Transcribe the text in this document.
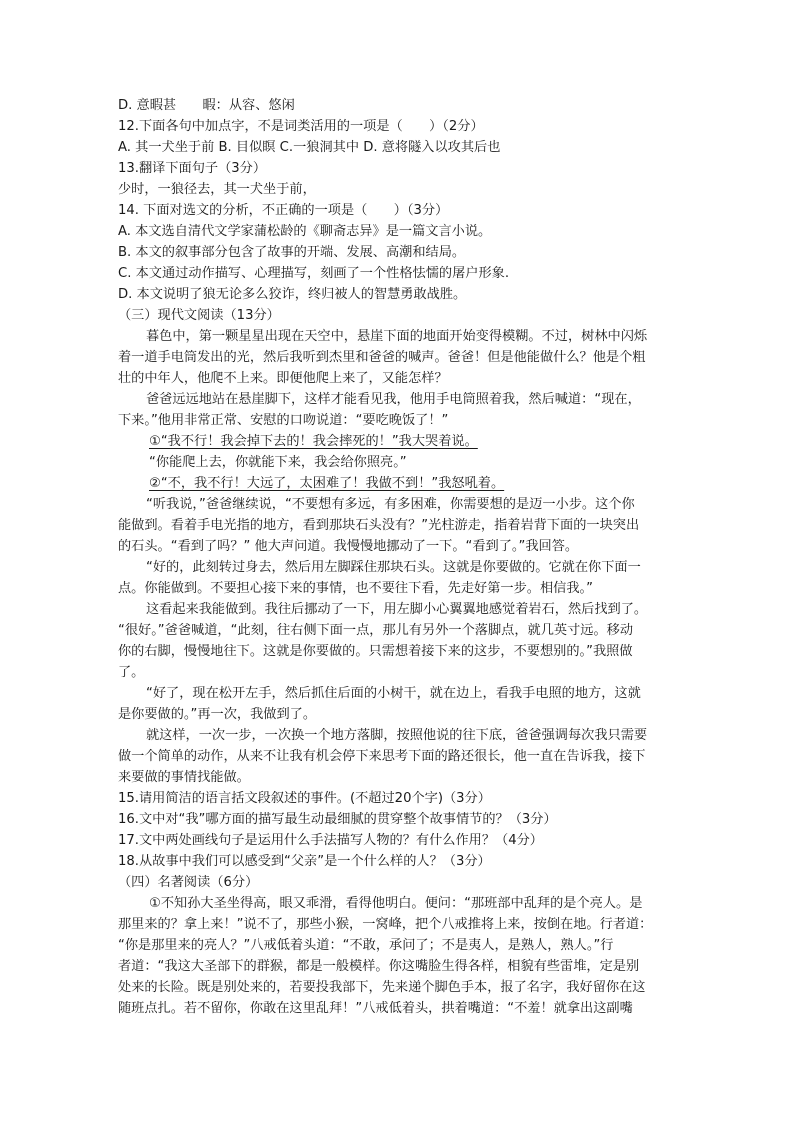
D. 意暇甚　　暇：从容、悠闲
12.下面各句中加点字，不是词类活用的一项是（　　）（2分）
A. 其一犬坐于前 B. 目似瞑 C.一狼洞其中 D. 意将隧入以攻其后也
13.翻译下面句子（3分）
少时，一狼径去，其一犬坐于前，
14. 下面对选文的分析，不正确的一项是（　　）（3分）
A. 本文选自清代文学家蒲松龄的《聊斋志异》是一篇文言小说。
B. 本文的叙事部分包含了故事的开端、发展、高潮和结局。
C. 本文通过动作描写、心理描写，刻画了一个性格怯懦的屠户形象.
D. 本文说明了狼无论多么狡诈，终归被人的智慧勇敢战胜。
（三）现代文阅读（13分）
暮色中，第一颗星星出现在天空中，悬崖下面的地面开始变得模糊。不过，树林中闪烁
着一道手电筒发出的光，然后我听到杰里和爸爸的喊声。爸爸！但是他能做什么？他是个粗
壮的中年人，他爬不上来。即便他爬上来了，又能怎样？
爸爸远远地站在悬崖脚下，这样才能看见我，他用手电筒照着我，然后喊道：“现在，
下来。”他用非常正常、安慰的口吻说道：“要吃晚饭了！”
①“我不行！我会掉下去的！我会摔死的！”我大哭着说。
“你能爬上去，你就能下来，我会给你照亮。”
②“不，我不行！大远了，太困难了！我做不到！”我怒吼着。
“听我说，”爸爸继续说，“不要想有多远，有多困难，你需要想的是迈一小步。这个你
能做到。看着手电光指的地方，看到那块石头没有？”光柱游走，指着岩背下面的一块突出
的石头。“看到了吗？” 他大声问道。我慢慢地挪动了一下。“看到了。”我回答。
“好的，此刻转过身去，然后用左脚踩住那块石头。这就是你要做的。它就在你下面一
点。你能做到。不要担心接下来的事情，也不要往下看，先走好第一步。相信我。”
这看起来我能做到。我往后挪动了一下，用左脚小心翼翼地感觉着岩石，然后找到了。
“很好。”爸爸喊道，“此刻，往右侧下面一点，那儿有另外一个落脚点，就几英寸远。移动
你的右脚，慢慢地往下。这就是你要做的。只需想着接下来的这步，不要想别的。”我照做
了。
“好了，现在松开左手，然后抓住后面的小树干，就在边上，看我手电照的地方，这就
是你要做的。”再一次，我做到了。
就这样，一次一步，一次换一个地方落脚，按照他说的往下底，爸爸强调每次我只需要
做一个简单的动作，从来不让我有机会停下来思考下面的路还很长，他一直在告诉我，接下
来要做的事情找能做。
15.请用简洁的语言括文段叙述的事件。(不超过20个字)（3分）
16.文中对“我”哪方面的描写最生动最细腻的贯穿整个故事情节的？（3分）
17.文中两处画线句子是运用什么手法描写人物的？有什么作用？（4分）
18.从故事中我们可以感受到“父亲”是一个什么样的人？（3分）
（四）名著阅读（6分）
①不知孙大圣坐得高，眼又乖滑，看得他明白。便问：“那班部中乱拜的是个亮人。是
那里来的？拿上来！”说不了，那些小猴，一窝峰，把个八戒推将上来，按倒在地。行者道：
“你是那里来的亮人？”八戒低着头道：“不敢，承问了；不是夷人，是熟人，熟人。”行
者道：“我这大圣部下的群猴，都是一般模样。你这嘴脸生得各样，相貌有些雷堆，定是别
处来的长险。既是别处来的，若要投我部下，先来递个脚色手本，报了名字，我好留你在这
随班点扎。若不留你，你敢在这里乱拜！”八戒低着头，拱着嘴道：“不羞！就拿出这副嘴
